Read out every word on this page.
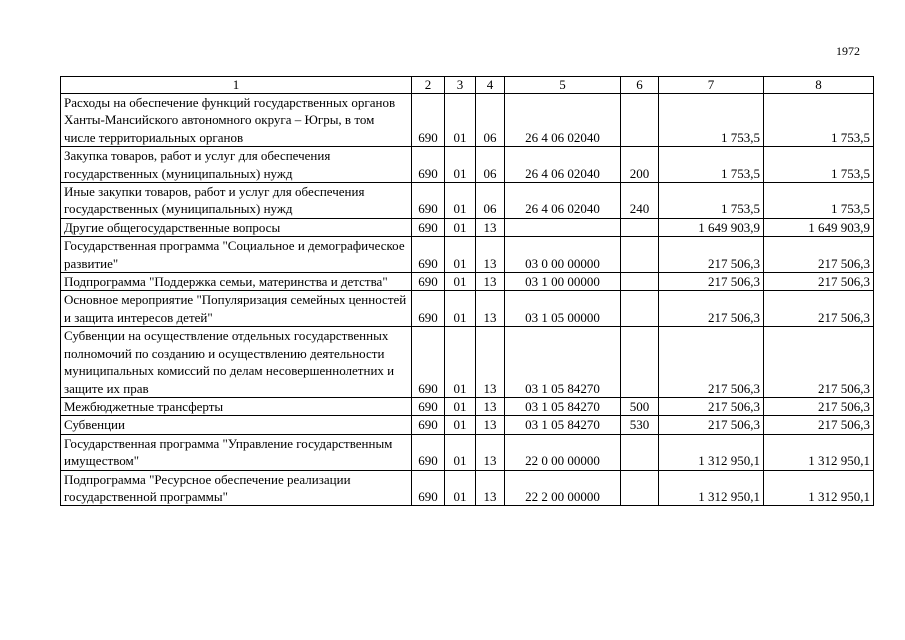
1972
1	2	3	4	5	6	7	8
Расходы на обеспечение функций государственных органов Ханты-Мансийского автономного округа – Югры, в том числе территориальных органов	690	01	06	26 4 06 02040		1 753,5	1 753,5
Закупка товаров, работ и услуг для обеспечения государственных (муниципальных) нужд	690	01	06	26 4 06 02040	200	1 753,5	1 753,5
Иные закупки товаров, работ и услуг для обеспечения государственных (муниципальных) нужд	690	01	06	26 4 06 02040	240	1 753,5	1 753,5
Другие общегосударственные вопросы	690	01	13			1 649 903,9	1 649 903,9
Государственная программа "Социальное и демографическое развитие"	690	01	13	03 0 00 00000		217 506,3	217 506,3
Подпрограмма "Поддержка семьи, материнства и детства"	690	01	13	03 1 00 00000		217 506,3	217 506,3
Основное мероприятие "Популяризация семейных ценностей и защита интересов детей"	690	01	13	03 1 05 00000		217 506,3	217 506,3
Субвенции на осуществление отдельных государственных полномочий по созданию и осуществлению деятельности муниципальных комиссий по делам несовершеннолетних и защите их прав	690	01	13	03 1 05 84270		217 506,3	217 506,3
Межбюджетные трансферты	690	01	13	03 1 05 84270	500	217 506,3	217 506,3
Субвенции	690	01	13	03 1 05 84270	530	217 506,3	217 506,3
Государственная программа "Управление государственным имуществом"	690	01	13	22 0 00 00000		1 312 950,1	1 312 950,1
Подпрограмма "Ресурсное обеспечение реализации государственной программы"	690	01	13	22 2 00 00000		1 312 950,1	1 312 950,1
